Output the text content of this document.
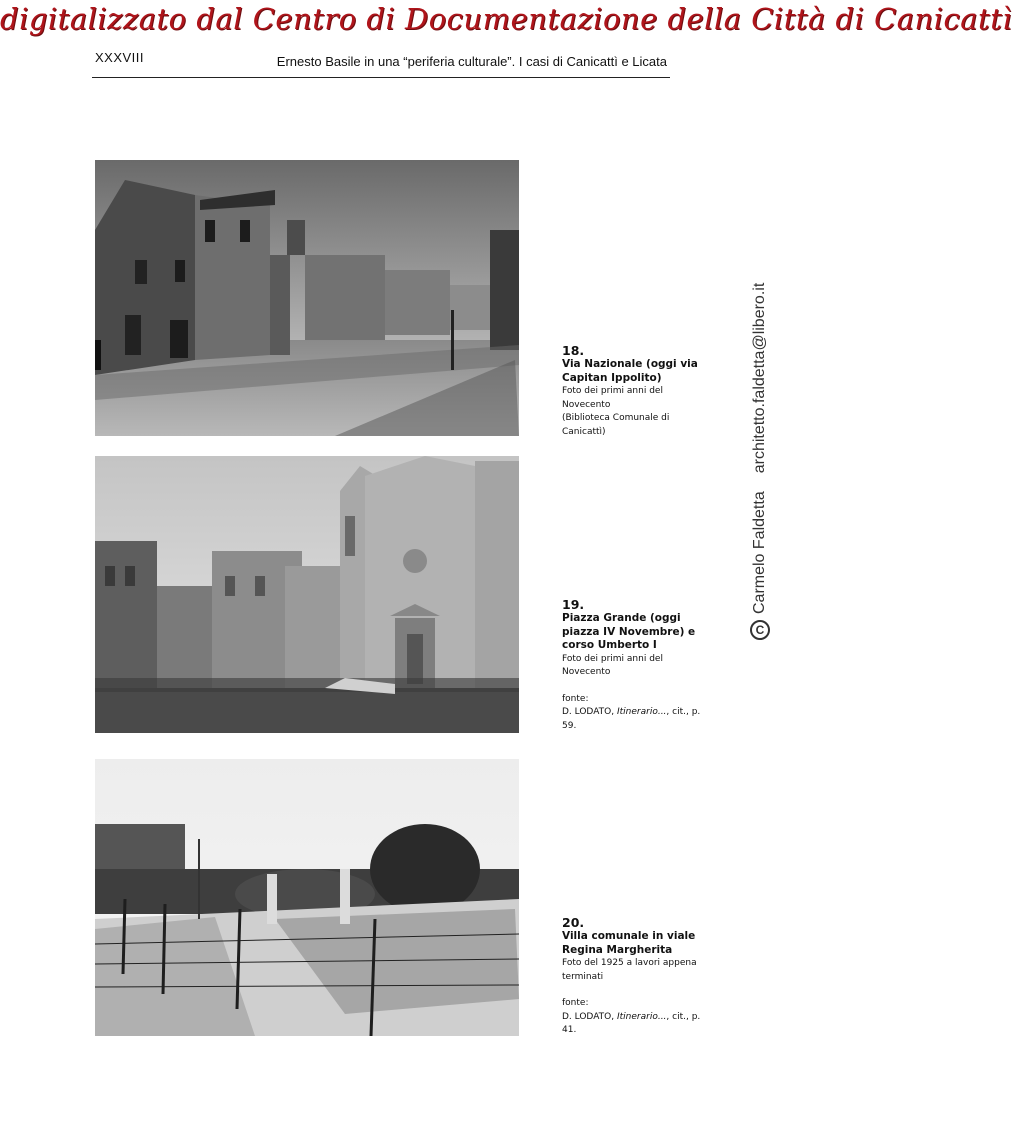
digitalizzato dal Centro di Documentazione della Città di Canicattì
XXXVIII	Ernesto Basile in una “periferia culturale”. I casi di Canicattì e Licata
18.
Via Nazionale (oggi via Capitan Ippolito)
Foto dei primi anni del Novecento
(Biblioteca Comunale di Canicattì)
19.
Piazza Grande (oggi piazza IV Novembre) e corso Umberto I
Foto dei primi anni del Novecento
fonte:
D. LODATO, Itinerario..., cit., p. 59.
20.
Villa comunale in viale Regina Margherita
Foto del 1925 a lavori appena terminati
fonte:
D. LODATO, Itinerario..., cit., p. 41.
CCarmelo Faldettaarchitetto.faldetta@libero.it
